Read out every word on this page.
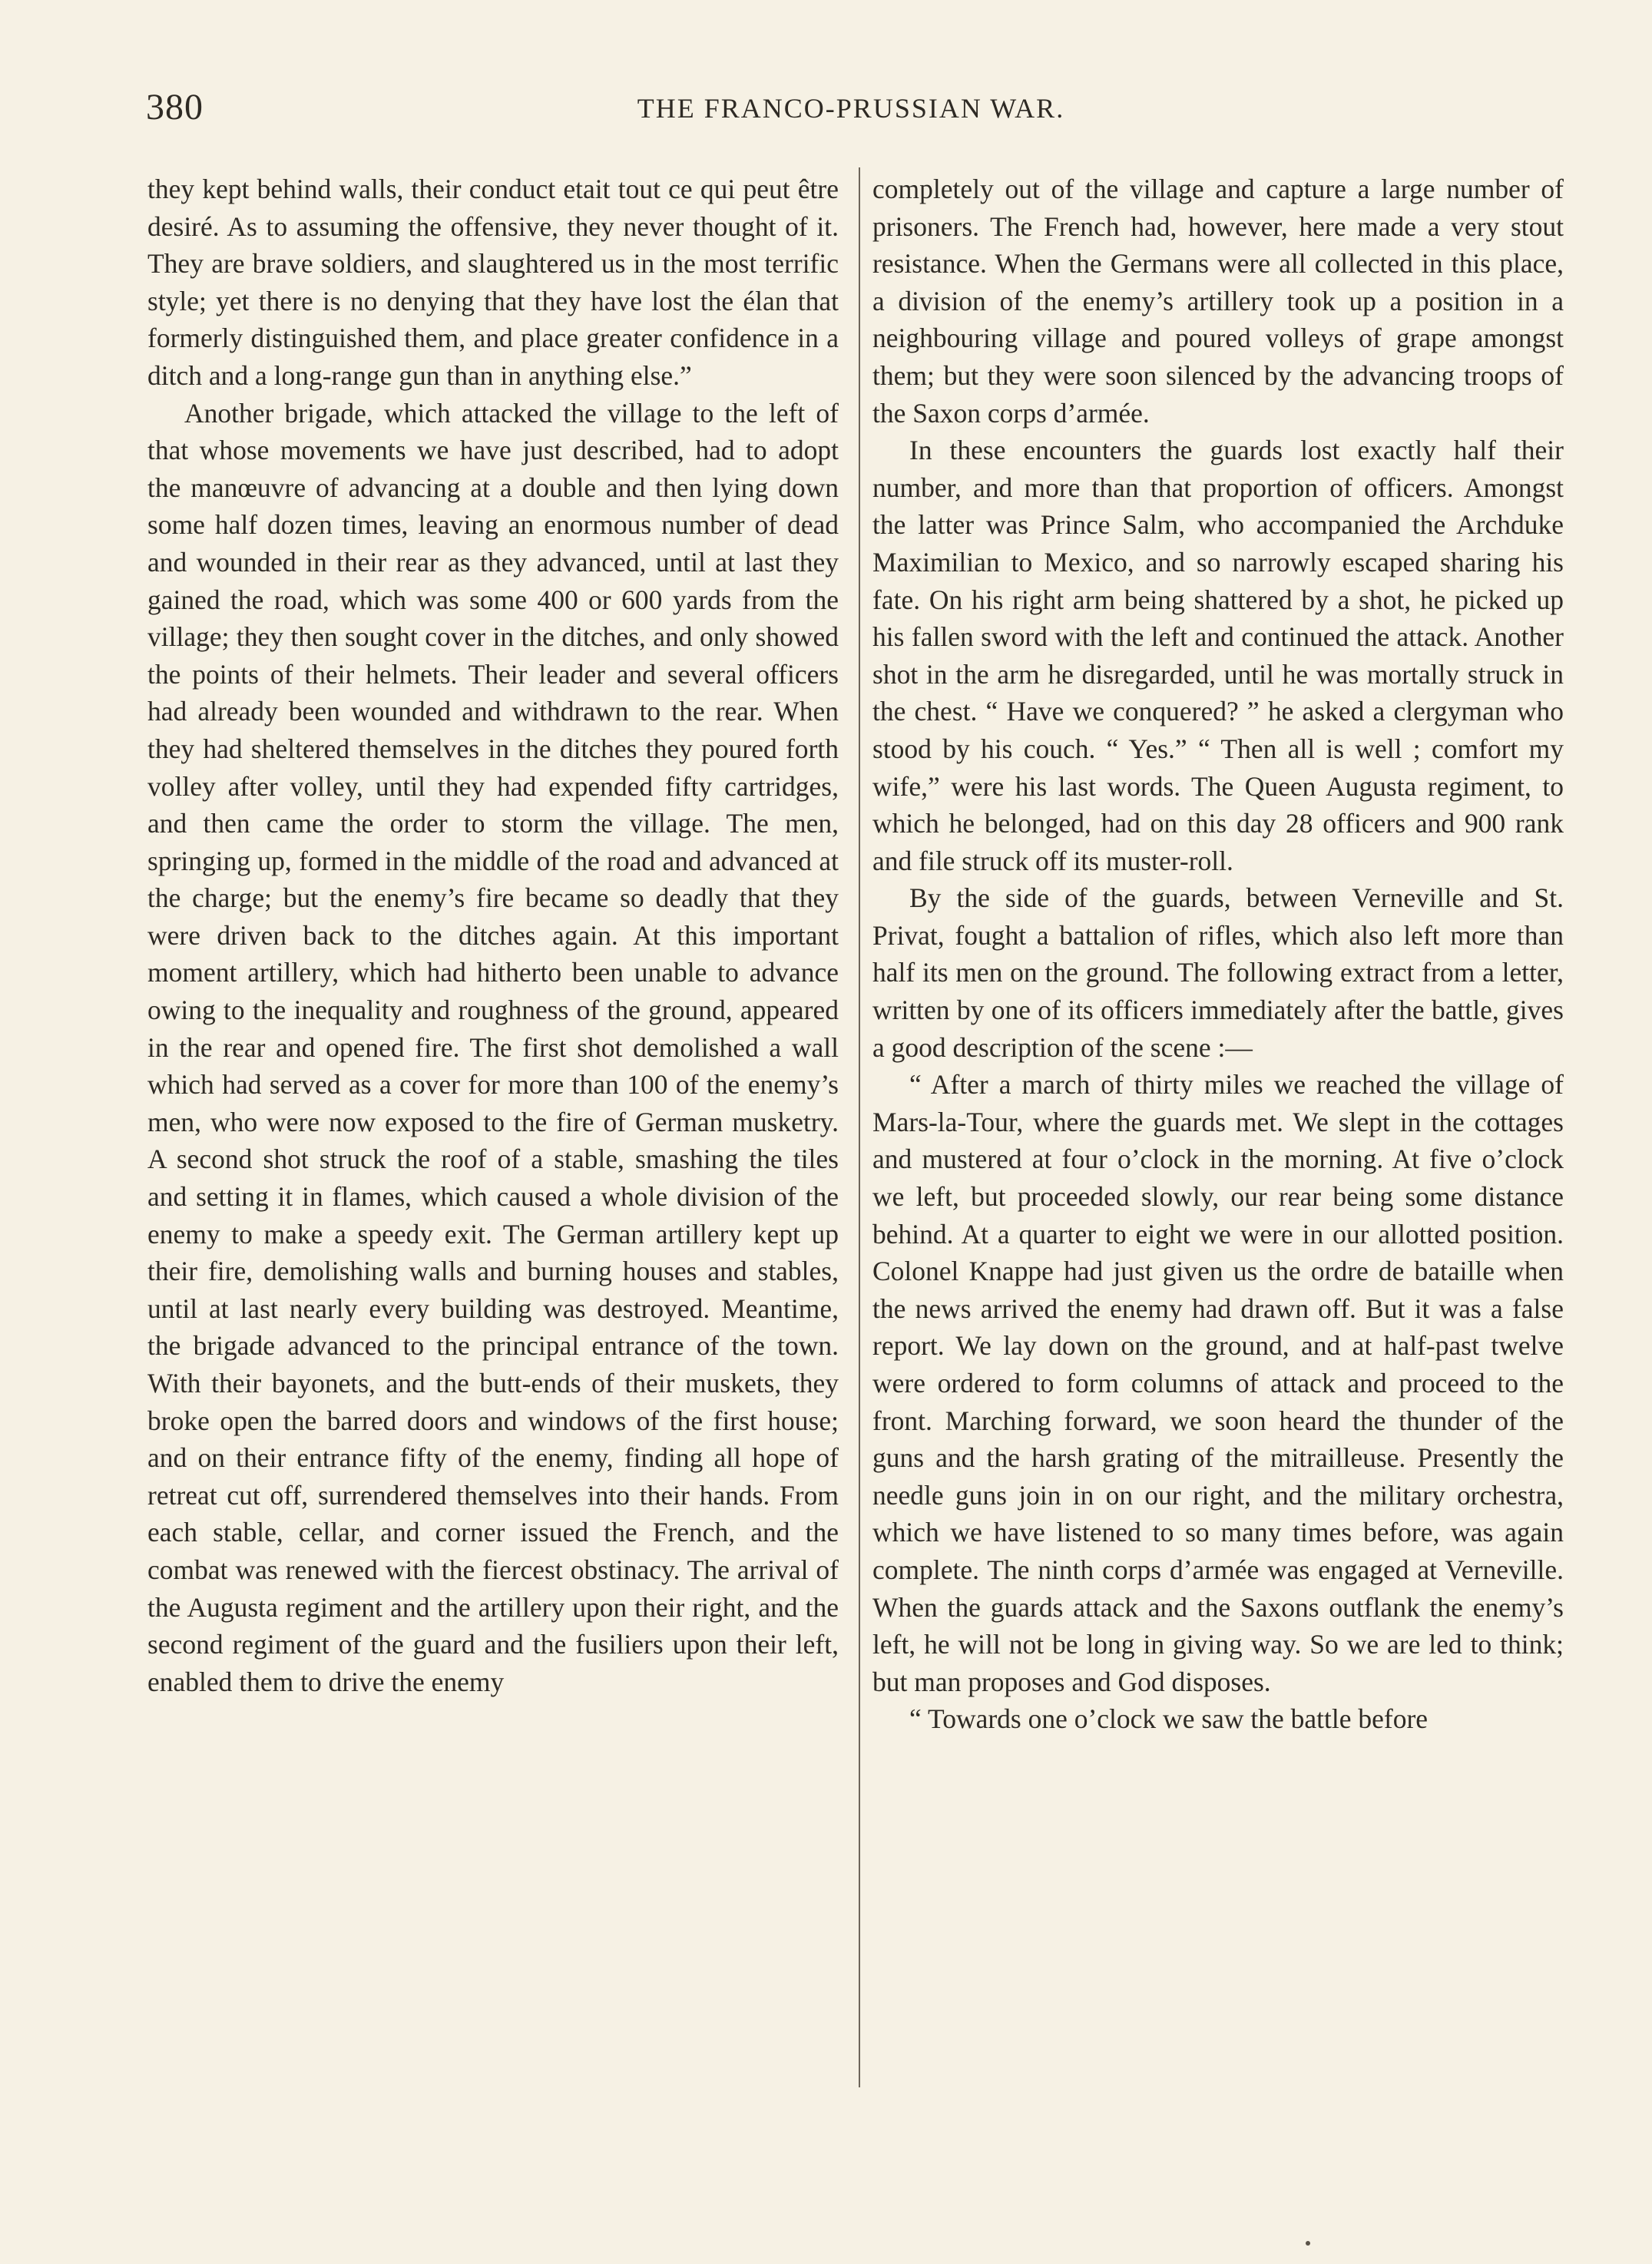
380	THE FRANCO-PRUSSIAN WAR.

they kept behind walls, their conduct etait tout ce qui peut être desiré. As to assuming the offensive, they never thought of it. They are brave soldiers, and slaughtered us in the most terrific style; yet there is no denying that they have lost the élan that formerly distinguished them, and place greater confidence in a ditch and a long-range gun than in anything else.”

Another brigade, which attacked the village to the left of that whose movements we have just described, had to adopt the manœuvre of advancing at a double and then lying down some half dozen times, leaving an enormous number of dead and wounded in their rear as they advanced, until at last they gained the road, which was some 400 or 600 yards from the village; they then sought cover in the ditches, and only showed the points of their helmets. Their leader and several officers had already been wounded and withdrawn to the rear. When they had sheltered themselves in the ditches they poured forth volley after volley, until they had expended fifty cartridges, and then came the order to storm the village. The men, springing up, formed in the middle of the road and advanced at the charge; but the enemy’s fire became so deadly that they were driven back to the ditches again. At this important moment artillery, which had hitherto been unable to advance owing to the inequality and roughness of the ground, appeared in the rear and opened fire. The first shot demolished a wall which had served as a cover for more than 100 of the enemy’s men, who were now exposed to the fire of German musketry. A second shot struck the roof of a stable, smashing the tiles and setting it in flames, which caused a whole division of the enemy to make a speedy exit. The German artillery kept up their fire, demolishing walls and burning houses and stables, until at last nearly every building was destroyed. Meantime, the brigade advanced to the principal entrance of the town. With their bayonets, and the butt-ends of their muskets, they broke open the barred doors and windows of the first house; and on their entrance fifty of the enemy, finding all hope of retreat cut off, surrendered themselves into their hands. From each stable, cellar, and corner issued the French, and the combat was renewed with the fiercest obstinacy. The arrival of the Augusta regiment and the artillery upon their right, and the second regiment of the guard and the fusiliers upon their left, enabled them to drive the enemy

completely out of the village and capture a large number of prisoners. The French had, however, here made a very stout resistance. When the Germans were all collected in this place, a division of the enemy’s artillery took up a position in a neighbouring village and poured volleys of grape amongst them; but they were soon silenced by the advancing troops of the Saxon corps d’armée.

In these encounters the guards lost exactly half their number, and more than that proportion of officers. Amongst the latter was Prince Salm, who accompanied the Archduke Maximilian to Mexico, and so narrowly escaped sharing his fate. On his right arm being shattered by a shot, he picked up his fallen sword with the left and continued the attack. Another shot in the arm he disregarded, until he was mortally struck in the chest. “ Have we conquered? ” he asked a clergyman who stood by his couch. “ Yes.” “ Then all is well ; comfort my wife,” were his last words. The Queen Augusta regiment, to which he belonged, had on this day 28 officers and 900 rank and file struck off its muster-roll.

By the side of the guards, between Verneville and St. Privat, fought a battalion of rifles, which also left more than half its men on the ground. The following extract from a letter, written by one of its officers immediately after the battle, gives a good description of the scene :—

“ After a march of thirty miles we reached the village of Mars-la-Tour, where the guards met. We slept in the cottages and mustered at four o’clock in the morning. At five o’clock we left, but proceeded slowly, our rear being some distance behind. At a quarter to eight we were in our allotted position. Colonel Knappe had just given us the ordre de bataille when the news arrived the enemy had drawn off. But it was a false report. We lay down on the ground, and at half-past twelve were ordered to form columns of attack and proceed to the front. Marching forward, we soon heard the thunder of the guns and the harsh grating of the mitrailleuse. Presently the needle guns join in on our right, and the military orchestra, which we have listened to so many times before, was again complete. The ninth corps d’armée was engaged at Verneville. When the guards attack and the Saxons outflank the enemy’s left, he will not be long in giving way. So we are led to think; but man proposes and God disposes.

“ Towards one o’clock we saw the battle before
